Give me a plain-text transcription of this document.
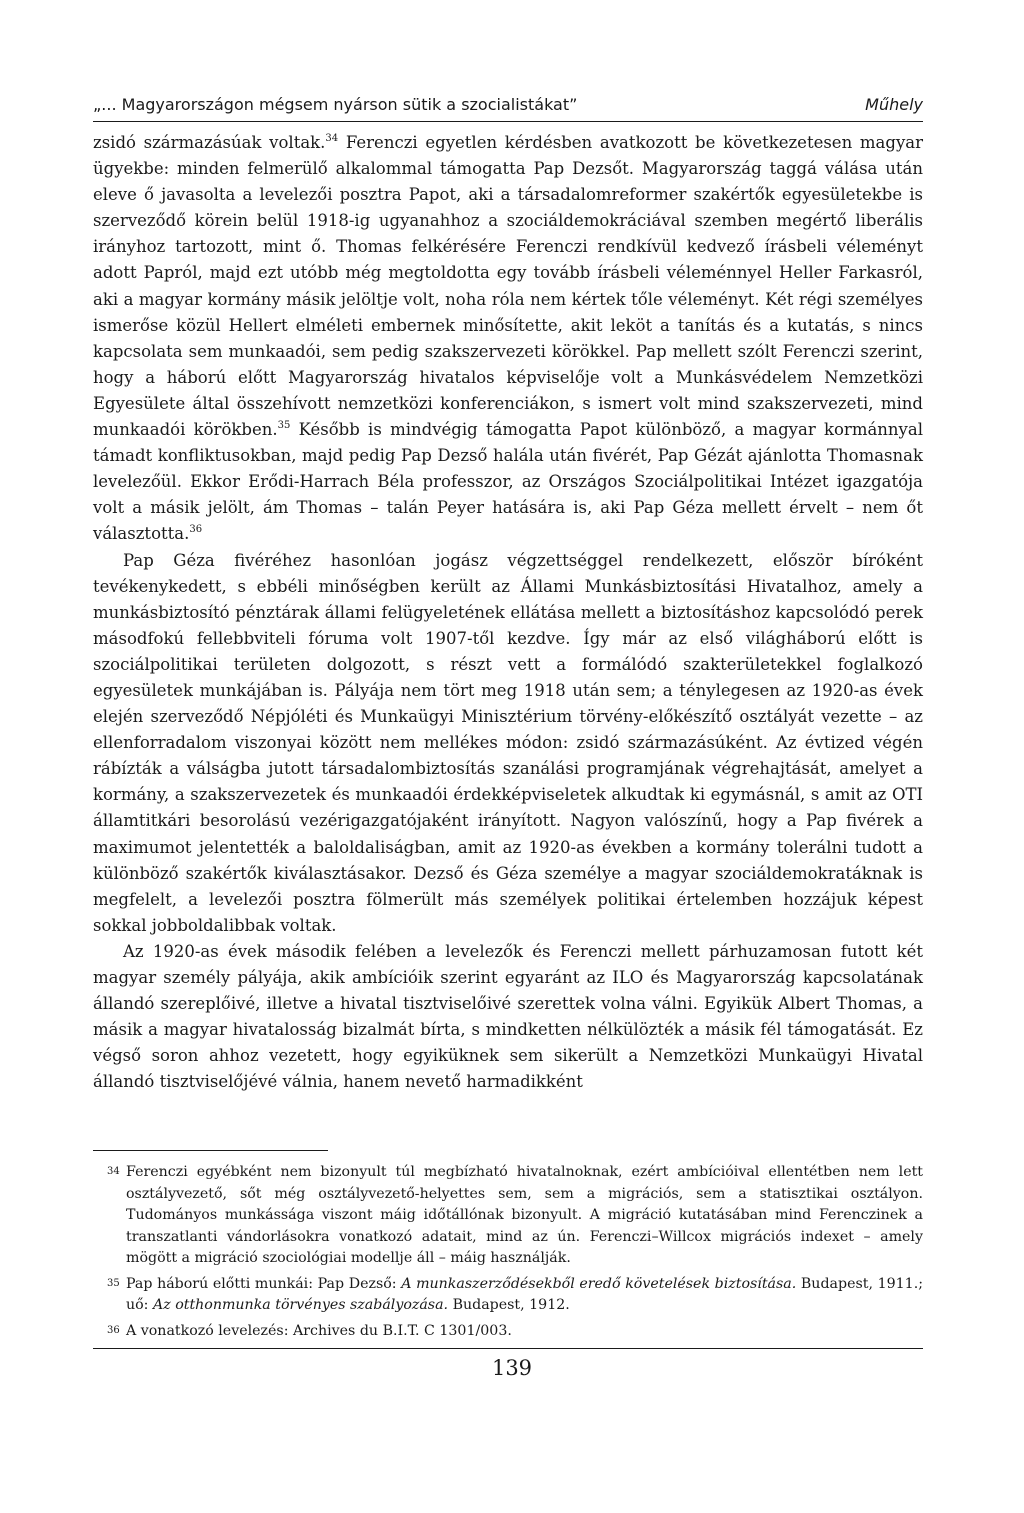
„... Magyarországon mégsem nyárson sütik a szocialistákat”	Műhely

zsidó származásúak voltak.$^{34}$ Ferenczi egyetlen kérdésben avatkozott be következetesen magyar ügyekbe: minden felmerülő alkalommal támogatta Pap Dezsőt. Magyarország taggá válása után eleve ő javasolta a levelezői posztra Papot, aki a társadalomreformer szakértők egyesületekbe is szerveződő körein belül 1918-ig ugyanahhoz a szociáldemokráciával szemben megértő liberális irányhoz tartozott, mint ő. Thomas felkérésére Ferenczi rendkívül kedvező írásbeli véleményt adott Papról, majd ezt utóbb még megtoldotta egy tovább írásbeli véleménnyel Heller Farkasról, aki a magyar kormány másik jelöltje volt, noha róla nem kértek tőle véleményt. Két régi személyes ismerőse közül Hellert elméleti embernek minősítette, akit leköt a tanítás és a kutatás, s nincs kapcsolata sem munkaadói, sem pedig szakszervezeti körökkel. Pap mellett szólt Ferenczi szerint, hogy a háború előtt Magyarország hivatalos képviselője volt a Munkásvédelem Nemzetközi Egyesülete által összehívott nemzetközi konferenciákon, s ismert volt mind szakszervezeti, mind munkaadói körökben.$^{35}$ Később is mindvégig támogatta Papot különböző, a magyar kormánnyal támadt konfliktusokban, majd pedig Pap Dezső halála után fivérét, Pap Gézát ajánlotta Thomasnak levelezőül. Ekkor Erődi-Harrach Béla professzor, az Országos Szociálpolitikai Intézet igazgatója volt a másik jelölt, ám Thomas – talán Peyer hatására is, aki Pap Géza mellett érvelt – nem őt választotta.$^{36}$

Pap Géza fivéréhez hasonlóan jogász végzettséggel rendelkezett, először bíróként tevékenykedett, s ebbéli minőségben került az Állami Munkásbiztosítási Hivatalhoz, amely a munkásbiztosító pénztárak állami felügyeletének ellátása mellett a biztosításhoz kapcsolódó perek másodfokú fellebbviteli fóruma volt 1907-től kezdve. Így már az első világháború előtt is szociálpolitikai területen dolgozott, s részt vett a formálódó szakterületekkel foglalkozó egyesületek munkájában is. Pályája nem tört meg 1918 után sem; a ténylegesen az 1920-as évek elején szerveződő Népjóléti és Munkaügyi Minisztérium törvény-előkészítő osztályát vezette – az ellenforradalom viszonyai között nem mellékes módon: zsidó származásúként. Az évtized végén rábízták a válságba jutott társadalombiztosítás szanálási programjának végrehajtását, amelyet a kormány, a szakszervezetek és munkaadói érdekképviseletek alkudtak ki egymásnál, s amit az OTI államtitkári besorolású vezérigazgatójaként irányított. Nagyon valószínű, hogy a Pap fivérek a maximumot jelentették a baloldaliságban, amit az 1920-as években a kormány tolerálni tudott a különböző szakértők kiválasztásakor. Dezső és Géza személye a magyar szociáldemokratáknak is megfelelt, a levelezői posztra fölmerült más személyek politikai értelemben hozzájuk képest sokkal jobboldalibbak voltak.

Az 1920-as évek második felében a levelezők és Ferenczi mellett párhuzamosan futott két magyar személy pályája, akik ambícióik szerint egyaránt az ILO és Magyarország kapcsolatának állandó szereplőivé, illetve a hivatal tisztviselőivé szerettek volna válni. Egyikük Albert Thomas, a másik a magyar hivatalosság bizalmát bírta, s mindketten nélkülözték a másik fél támogatását. Ez végső soron ahhoz vezetett, hogy egyiküknek sem sikerült a Nemzetközi Munkaügyi Hivatal állandó tisztviselőjévé válnia, hanem nevető harmadikként

34 Ferenczi egyébként nem bizonyult túl megbízható hivatalnoknak, ezért ambícióival ellentétben nem lett osztályvezető, sőt még osztályvezető-helyettes sem, sem a migrációs, sem a statisztikai osztályon. Tudományos munkássága viszont máig időtállónak bizonyult. A migráció kutatásában mind Ferenczinek a transzatlanti vándorlásokra vonatkozó adatait, mind az ún. Ferenczi–Willcox migrációs indexet – amely mögött a migráció szociológiai modellje áll – máig használják.
35 Pap háború előtti munkái: Pap Dezső: A munkaszerződésekből eredő követelések biztosítása. Budapest, 1911.; uő: Az otthonmunka törvényes szabályozása. Budapest, 1912.
36 A vonatkozó levelezés: Archives du B.I.T. C 1301/003.
139
